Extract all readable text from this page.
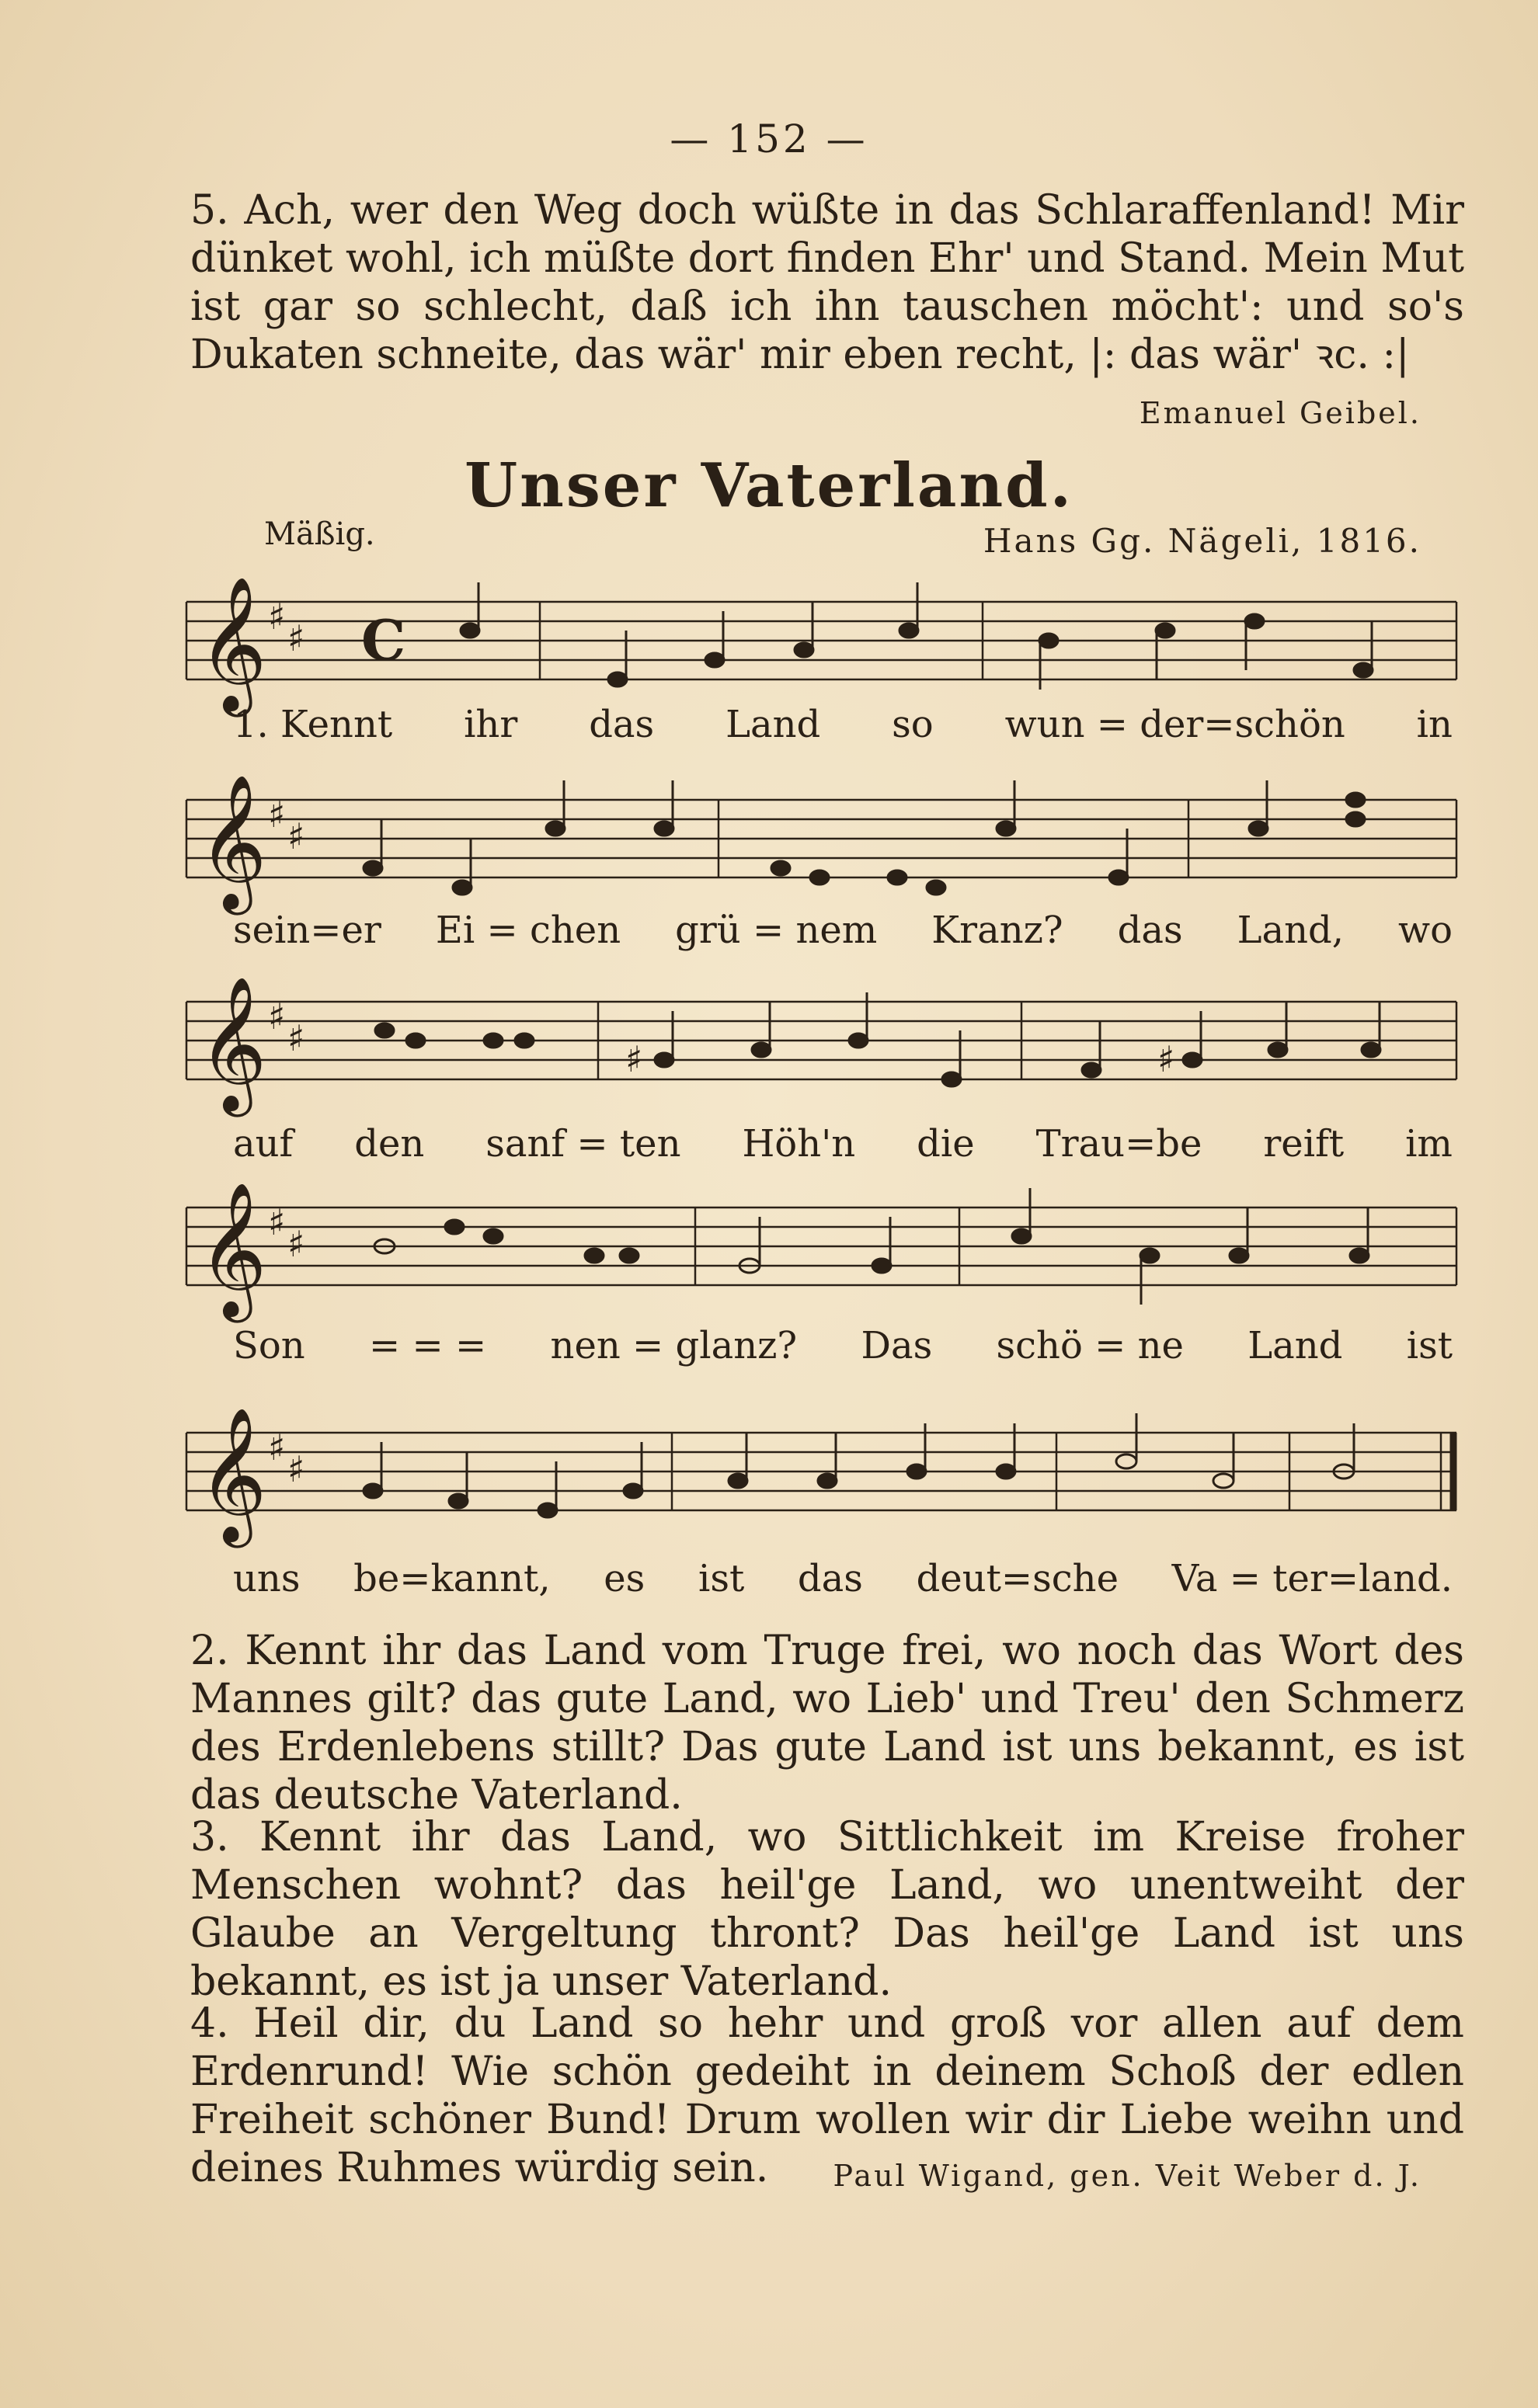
— 152 —
5. Ach, wer den Weg doch wüßte in das Schlaraffenland! Mir dünket wohl, ich müßte dort finden Ehr' und Stand. Mein Mut ist gar so schlecht, daß ich ihn tauschen möcht': und so's Dukaten schneite, das wär' mir eben recht, |: das wär' ꝛc. :|
Emanuel Geibel.
Unser Vaterland.
Mäßig.	Hans Gg. Nägeli, 1816.
𝄞 ♯
♯ C
1. Kennt ihr das Land so wun = der=schön in
𝄞 ♯
♯
sein=er Ei = chen grü = nem Kranz? das Land, wo
𝄞 ♯
♯	♯	♯
auf den sanf = ten Höh'n die Trau=be reift im
𝄞 ♯
♯
Son = = = nen = glanz? Das schö = ne Land ist
𝄞 ♯
♯
uns be=kannt, es ist das deut=sche Va = ter=land.
2. Kennt ihr das Land vom Truge frei, wo noch das Wort des Mannes gilt? das gute Land, wo Lieb' und Treu' den Schmerz des Erdenlebens stillt? Das gute Land ist uns bekannt, es ist das deutsche Vaterland.
3. Kennt ihr das Land, wo Sittlichkeit im Kreise froher Menschen wohnt? das heil'ge Land, wo unentweiht der Glaube an Vergeltung thront? Das heil'ge Land ist uns bekannt, es ist ja unser Vaterland.
4. Heil dir, du Land so hehr und groß vor allen auf dem Erdenrund! Wie schön gedeiht in deinem Schoß der edlen Freiheit schöner Bund! Drum wollen wir dir Liebe weihn und deines Ruhmes würdig sein.	Paul Wigand, gen. Veit Weber d. J.
